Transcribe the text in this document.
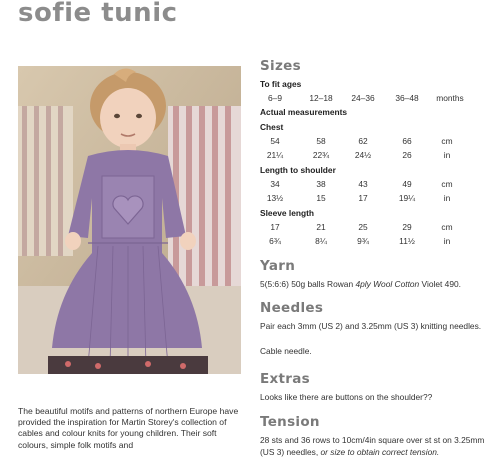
sofie tunic
The beautiful motifs and patterns of northern Europe have provided the inspiration for Martin Storey's collection of cables and colour knits for young children. Their soft colours, simple folk motifs and
Sizes
To fit ages
6–9	12–18	24–36	36–48	months
Actual measurements
Chest
54	58	62	66	cm
21¼	22¾	24½	26	in
Length to shoulder
34	38	43	49	cm
13½	15	17	19¼	in
Sleeve length
17	21	25	29	cm
6¾	8¼	9¾	11½	in
Yarn
5(5:6:6) 50g balls Rowan 4ply Wool Cotton Violet 490.
Needles
Pair each 3mm (US 2) and 3.25mm (US 3) knitting needles.
Cable needle.
Extras
Looks like there are buttons on the shoulder??
Tension
28 sts and 36 rows to 10cm/4in square over st st on 3.25mm (US 3) needles, or size to obtain correct tension.
